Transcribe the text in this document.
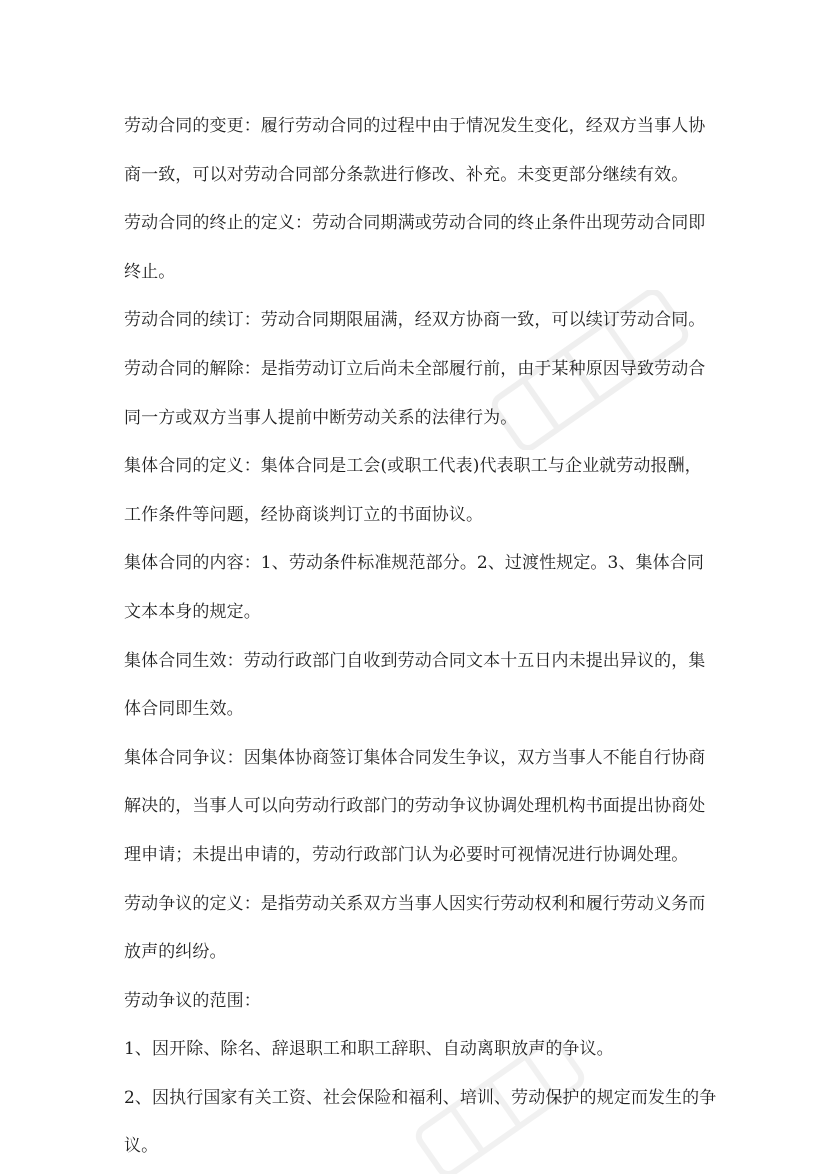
劳动合同的变更：履行劳动合同的过程中由于情况发生变化，经双方当事人协
商一致，可以对劳动合同部分条款进行修改、补充。未变更部分继续有效。
劳动合同的终止的定义：劳动合同期满或劳动合同的终止条件出现劳动合同即
终止。
劳动合同的续订：劳动合同期限届满，经双方协商一致，可以续订劳动合同。
劳动合同的解除：是指劳动订立后尚未全部履行前，由于某种原因导致劳动合
同一方或双方当事人提前中断劳动关系的法律行为。
集体合同的定义：集体合同是工会(或职工代表)代表职工与企业就劳动报酬，
工作条件等问题，经协商谈判订立的书面协议。
集体合同的内容：1、劳动条件标准规范部分。2、过渡性规定。3、集体合同
文本本身的规定。
集体合同生效：劳动行政部门自收到劳动合同文本十五日内未提出异议的，集
体合同即生效。
集体合同争议：因集体协商签订集体合同发生争议，双方当事人不能自行协商
解决的，当事人可以向劳动行政部门的劳动争议协调处理机构书面提出协商处
理申请；未提出申请的，劳动行政部门认为必要时可视情况进行协调处理。
劳动争议的定义：是指劳动关系双方当事人因实行劳动权利和履行劳动义务而
放声的纠纷。
劳动争议的范围：
1、因开除、除名、辞退职工和职工辞职、自动离职放声的争议。
2、因执行国家有关工资、社会保险和福利、培训、劳动保护的规定而发生的争
议。
